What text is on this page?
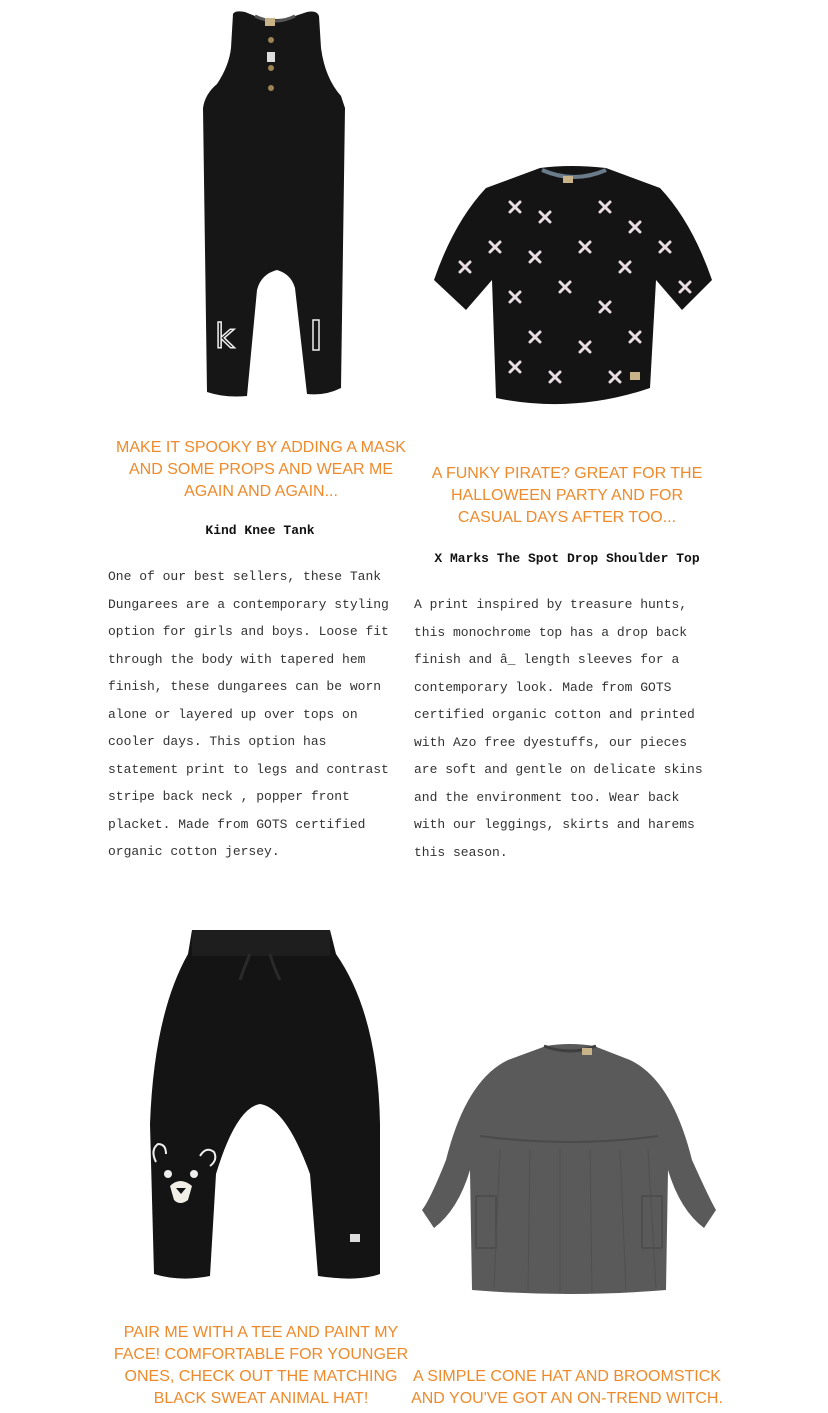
k
MAKE IT SPOOKY BY ADDING A MASK AND SOME PROPS AND WEAR ME AGAIN AND AGAIN...
Kind Knee Tank
One of our best sellers, these Tank
Dungarees are a contemporary styling
option for girls and boys. Loose fit
through the body with tapered hem
finish, these dungarees can be worn
alone or layered up over tops on
cooler days. This option has
statement print to legs and contrast
stripe back neck , popper front
placket. Made from GOTS certified
organic cotton jersey.
A FUNKY PIRATE? GREAT FOR THE HALLOWEEN PARTY AND FOR CASUAL DAYS AFTER TOO...
X Marks The Spot Drop Shoulder Top
A print inspired by treasure hunts,
this monochrome top has a drop back
finish and â_ length sleeves for a
contemporary look. Made from GOTS
certified organic cotton and printed
with Azo free dyestuffs, our pieces
are soft and gentle on delicate skins
and the environment too. Wear back
with our leggings, skirts and harems
this season.
PAIR ME WITH A TEE AND PAINT MY FACE! COMFORTABLE FOR YOUNGER ONES, CHECK OUT THE MATCHING BLACK SWEAT ANIMAL HAT!
A SIMPLE CONE HAT AND BROOMSTICK AND YOU'VE GOT AN ON-TREND WITCH.
